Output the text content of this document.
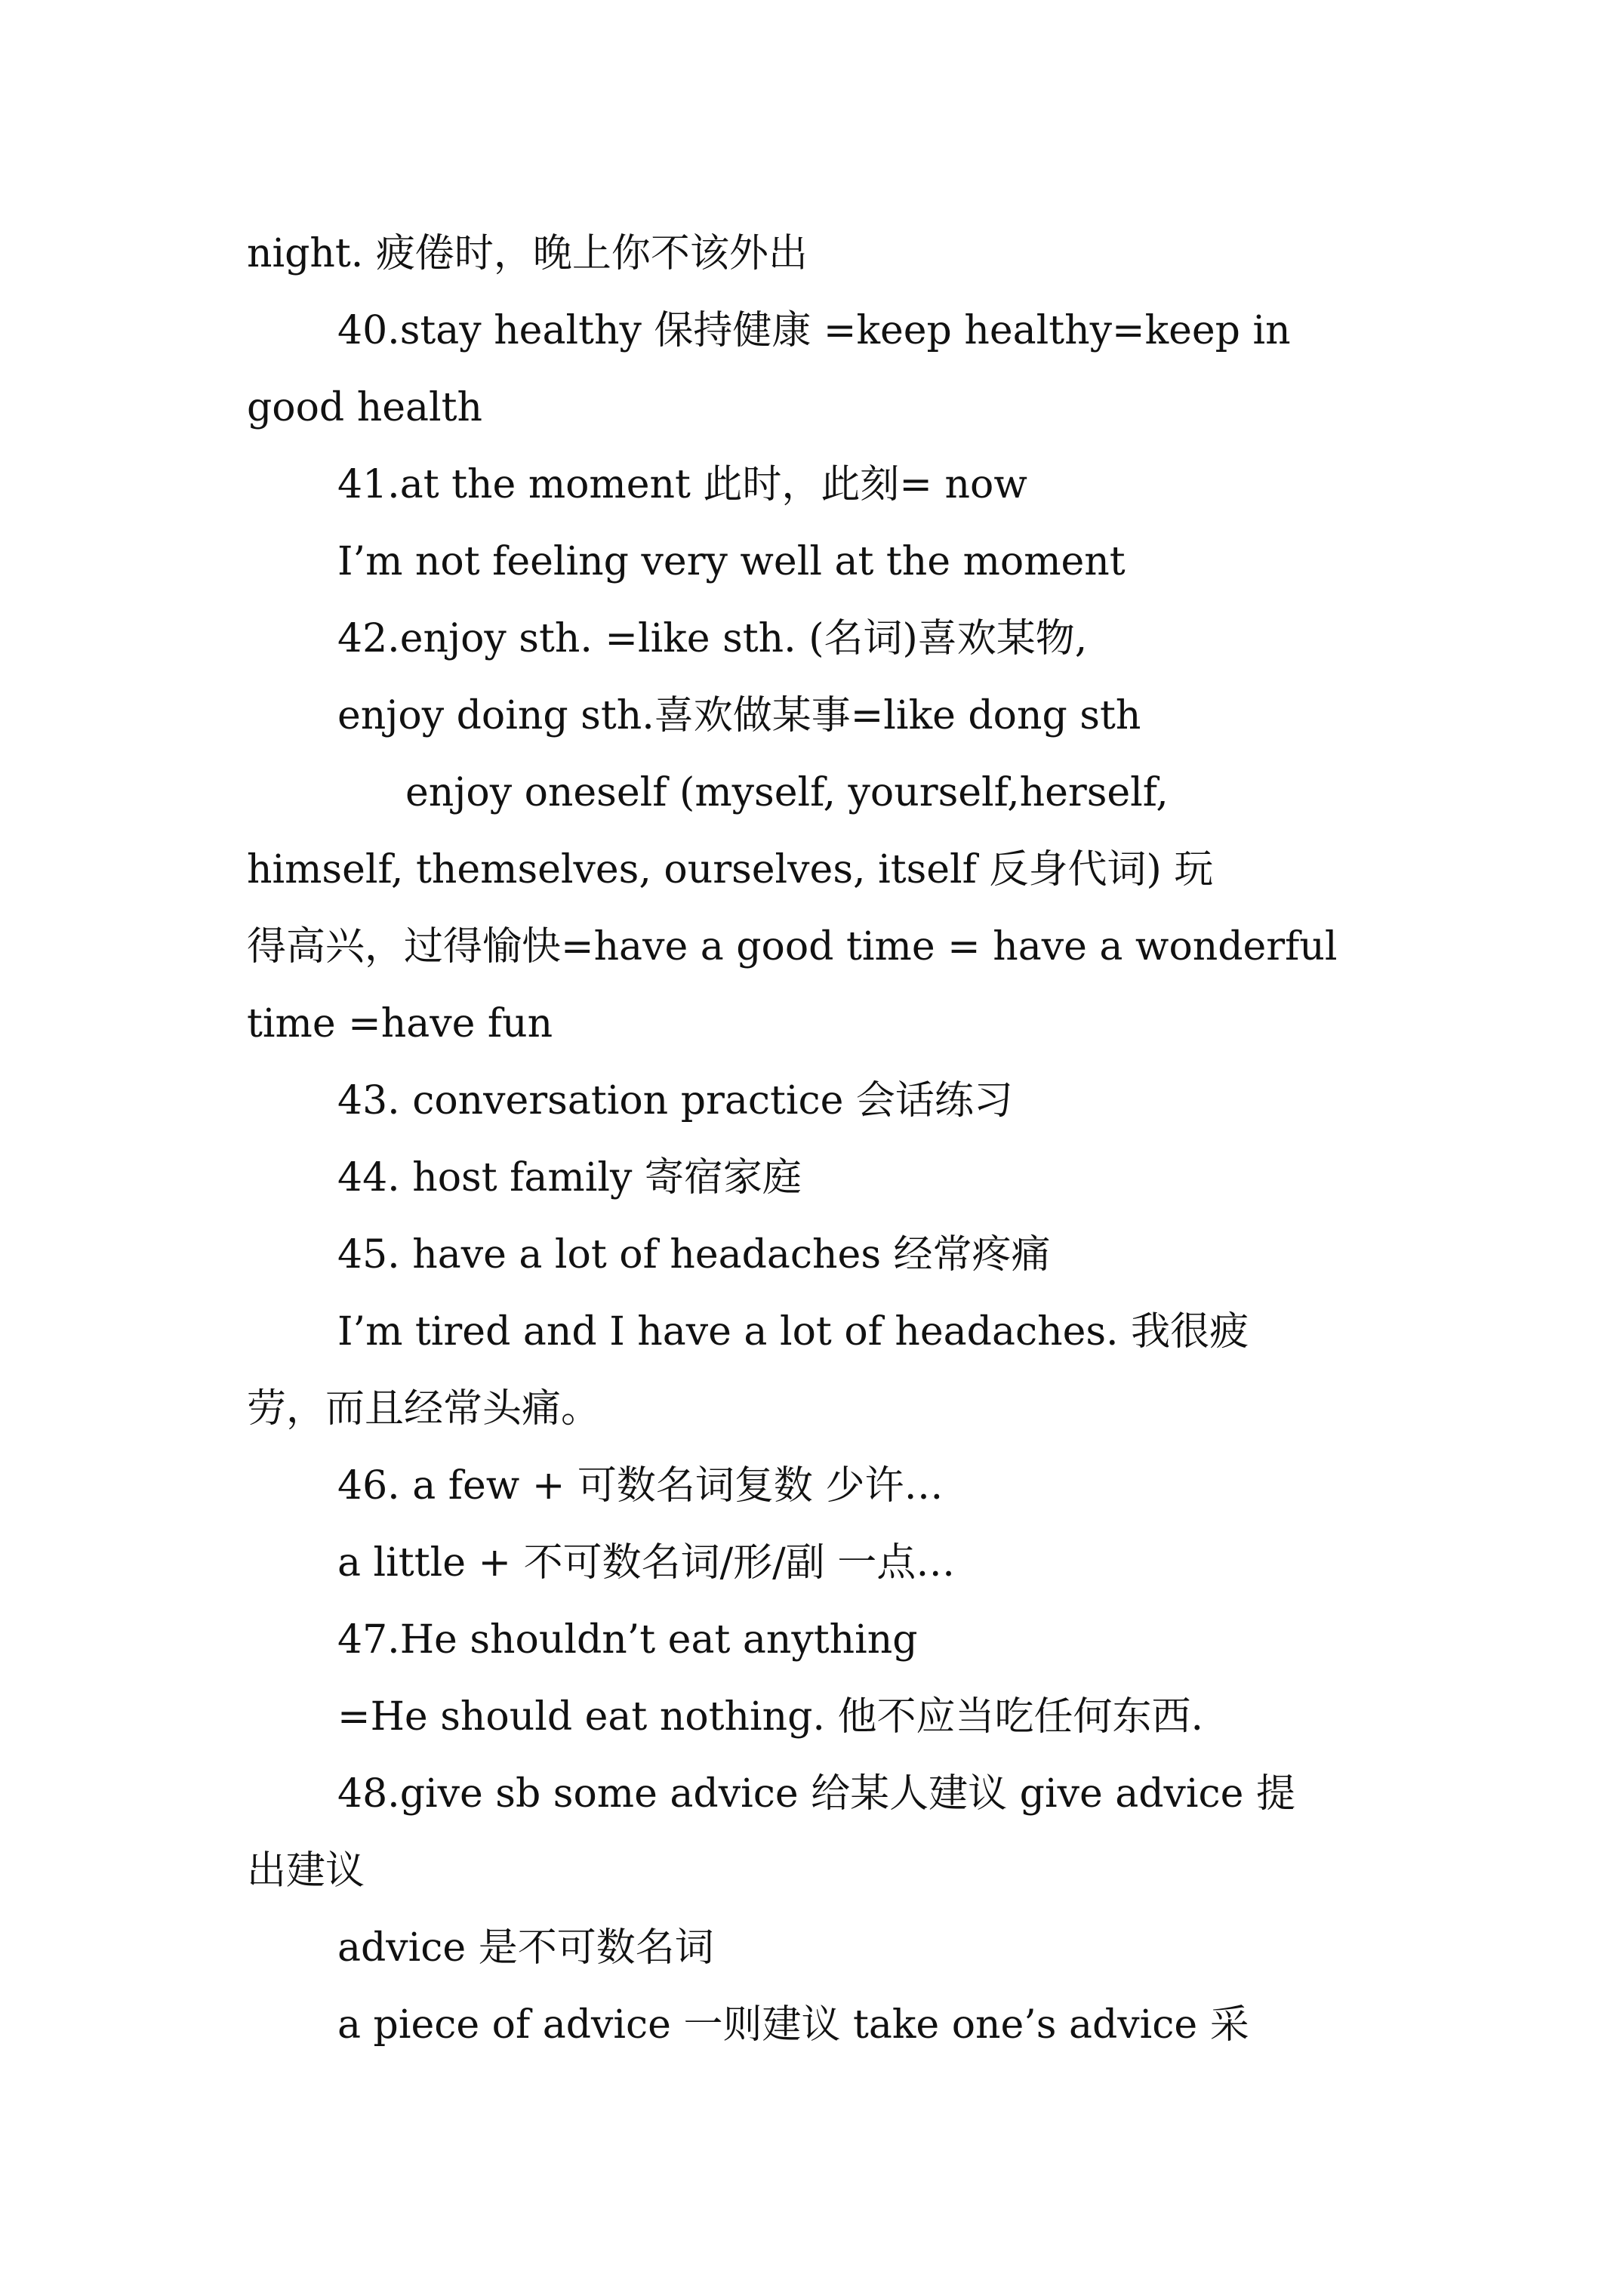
night. 疲倦时，晚上你不该外出
40.stay healthy 保持健康 =keep healthy=keep in
good health
41.at the moment 此时，此刻= now
I’m not feeling very well at the moment
42.enjoy sth. =like sth. (名词)喜欢某物,
enjoy doing sth.喜欢做某事=like dong sth
enjoy oneself (myself, yourself,herself,
himself, themselves, ourselves, itself 反身代词) 玩
得高兴，过得愉快=have a good time = have a wonderful
time =have fun
43. conversation practice 会话练习
44. host family 寄宿家庭
45. have a lot of headaches 经常疼痛
I’m tired and I have a lot of headaches. 我很疲
劳，而且经常头痛。
46. a few + 可数名词复数 少许…
a little + 不可数名词/形/副 一点…
47.He shouldn’t eat anything
=He should eat nothing. 他不应当吃任何东西.
48.give sb some advice 给某人建议 give advice 提
出建议
advice 是不可数名词
a piece of advice 一则建议 take one’s advice 采
